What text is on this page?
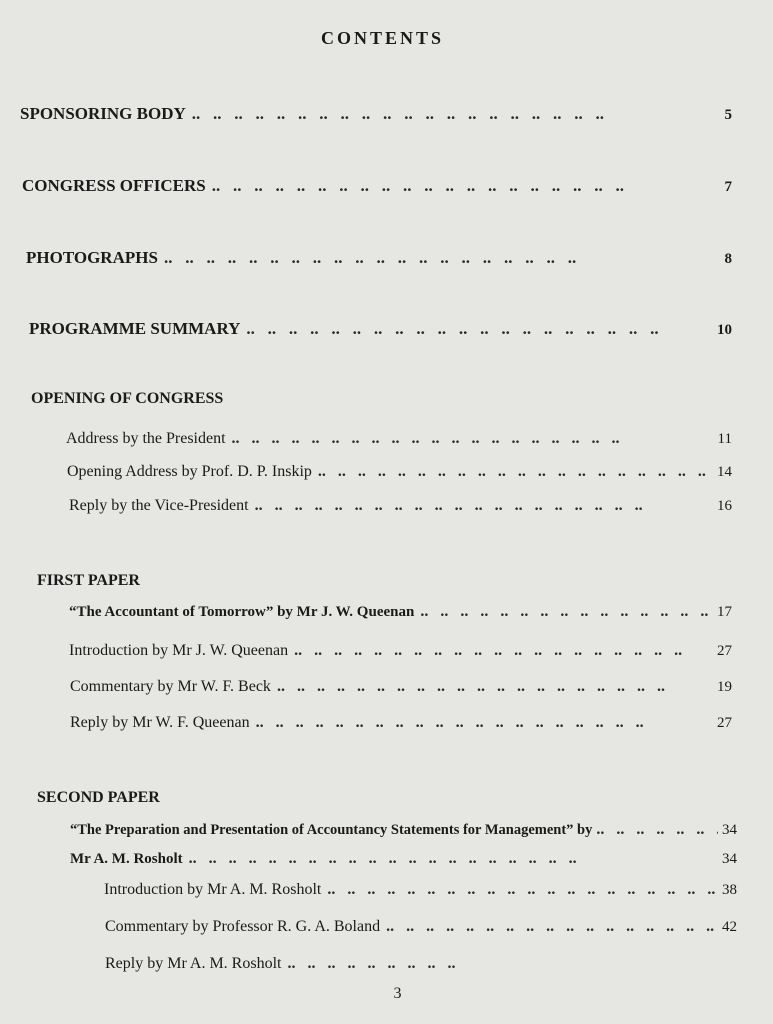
CONTENTS
SPONSORING BODY ..	5
CONGRESS OFFICERS ..	7
PHOTOGRAPHS ..	8
PROGRAMME SUMMARY ..	10
OPENING OF CONGRESS
Address by the President ..	11
Opening Address by Prof. D. P. Inskip ..	14
Reply by the Vice-President ..	16
FIRST PAPER
“The Accountant of Tomorrow” by Mr J. W. Queenan ..	17
Introduction by Mr J. W. Queenan ..	27
Commentary by Mr W. F. Beck ..	19
Reply by Mr W. F. Queenan ..	27
SECOND PAPER
“The Preparation and Presentation of Accountancy Statements for Management” by ..	34
Mr A. M. Rosholt ..	34
Introduction by Mr A. M. Rosholt ..	38
Commentary by Professor R. G. A. Boland ..	42
Reply by Mr A. M. Rosholt
..
3
